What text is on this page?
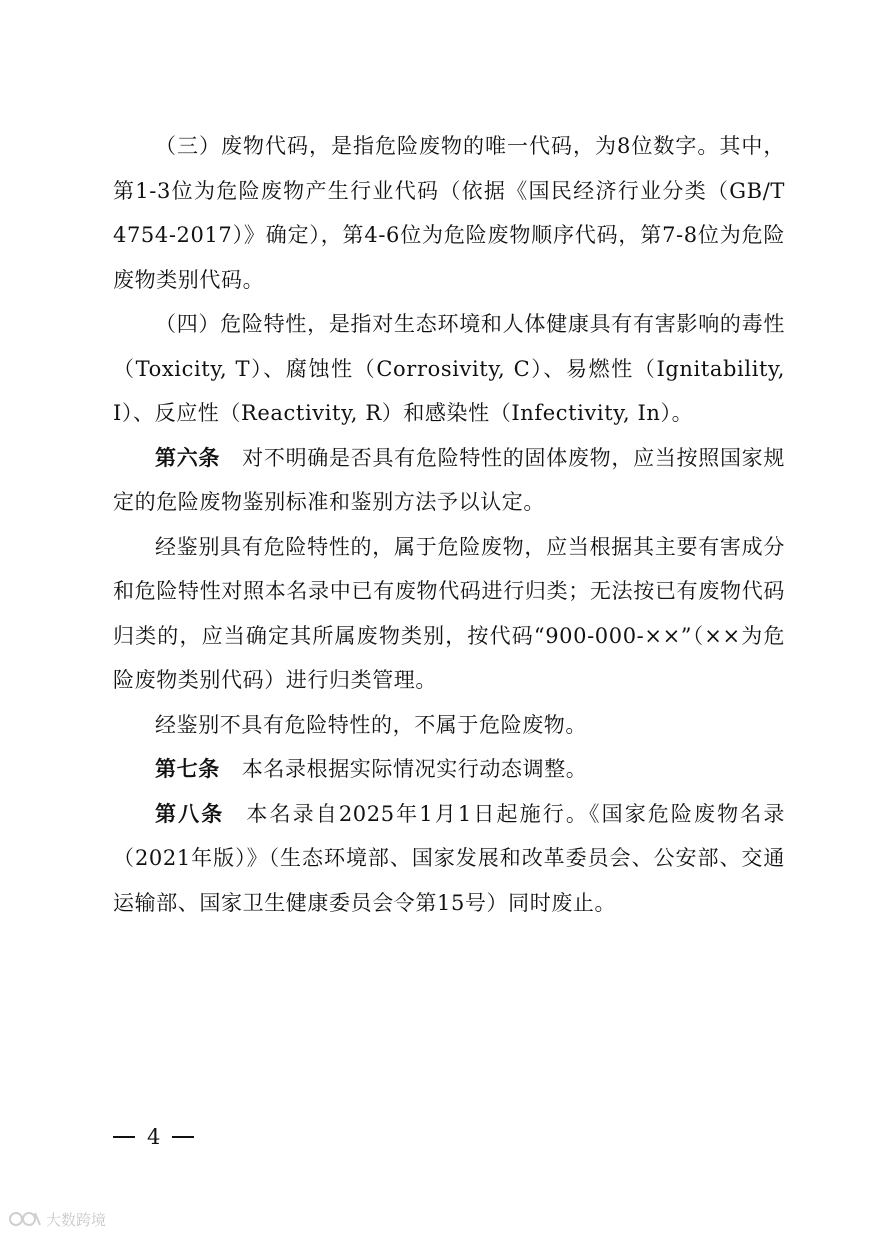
（三）废物代码，是指危险废物的唯一代码，为8位数字。其中，第1-3位为危险废物产生行业代码（依据《国民经济行业分类（GB/T 4754-2017）》确定），第4-6位为危险废物顺序代码，第7-8位为危险废物类别代码。

（四）危险特性，是指对生态环境和人体健康具有有害影响的毒性（Toxicity, T）、腐蚀性（Corrosivity, C）、易燃性（Ignitability, I）、反应性（Reactivity, R）和感染性（Infectivity, In）。

第六条 对不明确是否具有危险特性的固体废物，应当按照国家规定的危险废物鉴别标准和鉴别方法予以认定。

经鉴别具有危险特性的，属于危险废物，应当根据其主要有害成分和危险特性对照本名录中已有废物代码进行归类；无法按已有废物代码归类的，应当确定其所属废物类别，按代码“900-000-××”（××为危险废物类别代码）进行归类管理。

经鉴别不具有危险特性的，不属于危险废物。

第七条 本名录根据实际情况实行动态调整。

第八条 本名录自2025年1月1日起施行。《国家危险废物名录（2021年版）》（生态环境部、国家发展和改革委员会、公安部、交通运输部、国家卫生健康委员会令第15号）同时废止。

4
大数跨境
